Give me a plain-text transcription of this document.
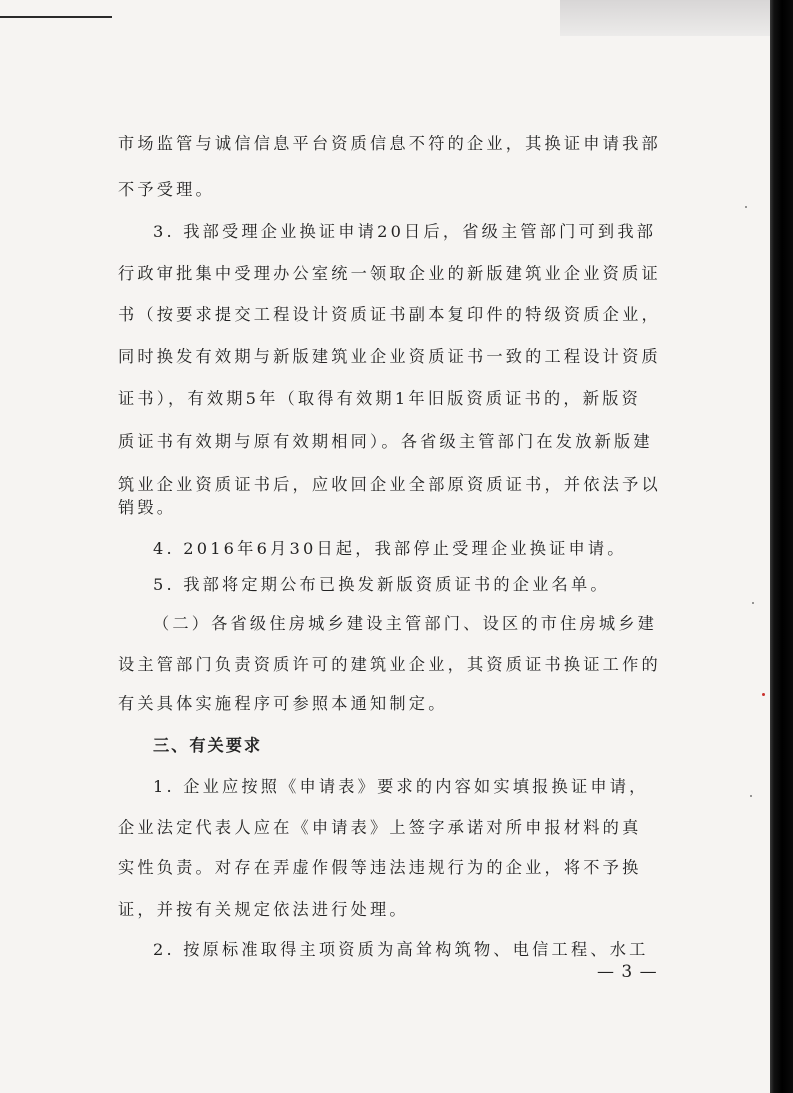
市场监管与诚信信息平台资质信息不符的企业，其换证申请我部
不予受理。
3. 我部受理企业换证申请20日后，省级主管部门可到我部
行政审批集中受理办公室统一领取企业的新版建筑业企业资质证
书（按要求提交工程设计资质证书副本复印件的特级资质企业，
同时换发有效期与新版建筑业企业资质证书一致的工程设计资质
证书），有效期5年（取得有效期1年旧版资质证书的，新版资
质证书有效期与原有效期相同）。各省级主管部门在发放新版建
筑业企业资质证书后，应收回企业全部原资质证书，并依法予以
销毁。
4. 2016年6月30日起，我部停止受理企业换证申请。
5. 我部将定期公布已换发新版资质证书的企业名单。
（二）各省级住房城乡建设主管部门、设区的市住房城乡建
设主管部门负责资质许可的建筑业企业，其资质证书换证工作的
有关具体实施程序可参照本通知制定。
三、有关要求
1. 企业应按照《申请表》要求的内容如实填报换证申请，
企业法定代表人应在《申请表》上签字承诺对所申报材料的真
实性负责。对存在弄虚作假等违法违规行为的企业，将不予换
证，并按有关规定依法进行处理。
2. 按原标准取得主项资质为高耸构筑物、电信工程、水工
— 3 —
